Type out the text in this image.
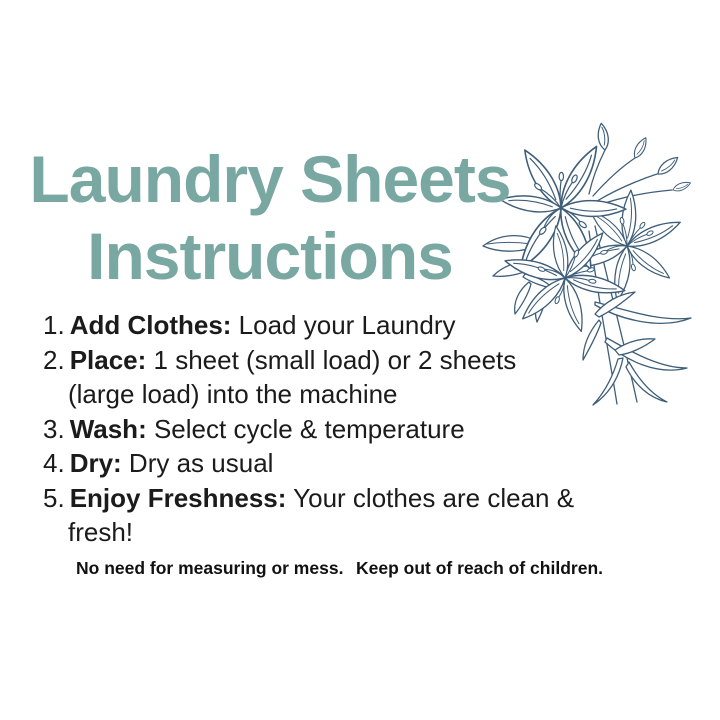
Laundry Sheets
Instructions
1. Add Clothes: Load your Laundry
2. Place: 1 sheet (small load) or 2 sheets (large load) into the machine
3. Wash: Select cycle & temperature
4. Dry: Dry as usual
5. Enjoy Freshness: Your clothes are clean & fresh!
No need for measuring or mess. Keep out of reach of children.
